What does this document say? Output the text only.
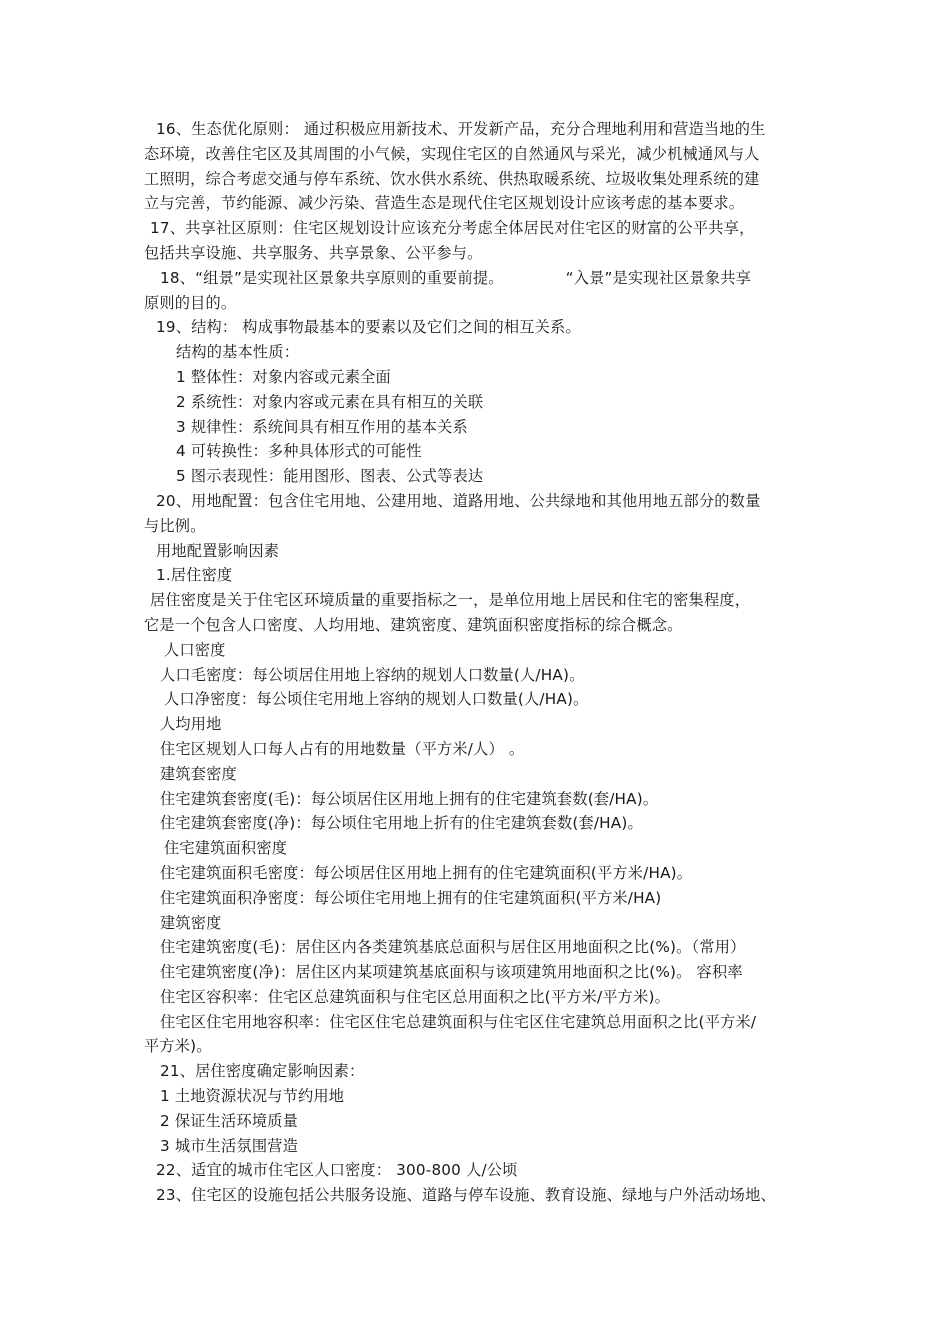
16、生态优化原则： 通过积极应用新技术、开发新产品，充分合理地利用和营造当地的生
态环境，改善住宅区及其周围的小气候，实现住宅区的自然通风与采光，减少机械通风与人
工照明，综合考虑交通与停车系统、饮水供水系统、供热取暖系统、垃圾收集处理系统的建
立与完善，节约能源、减少污染、营造生态是现代住宅区规划设计应该考虑的基本要求。
17、共享社区原则：住宅区规划设计应该充分考虑全体居民对住宅区的财富的公平共享，
包括共享设施、共享服务、共享景象、公平参与。
18、“组景”是实现社区景象共享原则的重要前提。	“入景”是实现社区景象共享
原则的目的。
19、结构： 构成事物最基本的要素以及它们之间的相互关系。
结构的基本性质：
1 整体性：对象内容或元素全面
2 系统性：对象内容或元素在具有相互的关联
3 规律性：系统间具有相互作用的基本关系
4 可转换性：多种具体形式的可能性
5 图示表现性：能用图形、图表、公式等表达
20、用地配置：包含住宅用地、公建用地、道路用地、公共绿地和其他用地五部分的数量
与比例。
用地配置影响因素
1.居住密度
居住密度是关于住宅区环境质量的重要指标之一，是单位用地上居民和住宅的密集程度，
它是一个包含人口密度、人均用地、建筑密度、建筑面积密度指标的综合概念。
人口密度
人口毛密度：每公顷居住用地上容纳的规划人口数量(人/HA)。
人口净密度：每公顷住宅用地上容纳的规划人口数量(人/HA)。
人均用地
住宅区规划人口每人占有的用地数量（平方米/人） 。
建筑套密度
住宅建筑套密度(毛)：每公顷居住区用地上拥有的住宅建筑套数(套/HA)。
住宅建筑套密度(净)：每公顷住宅用地上折有的住宅建筑套数(套/HA)。
住宅建筑面积密度
住宅建筑面积毛密度：每公顷居住区用地上拥有的住宅建筑面积(平方米/HA)。
住宅建筑面积净密度：每公顷住宅用地上拥有的住宅建筑面积(平方米/HA)
建筑密度
住宅建筑密度(毛)：居住区内各类建筑基底总面积与居住区用地面积之比(%)。（常用）
住宅建筑密度(净)：居住区内某项建筑基底面积与该项建筑用地面积之比(%)。 容积率
住宅区容积率：住宅区总建筑面积与住宅区总用面积之比(平方米/平方米)。
住宅区住宅用地容积率：住宅区住宅总建筑面积与住宅区住宅建筑总用面积之比(平方米/
平方米)。
21、居住密度确定影响因素：
1 土地资源状况与节约用地
2 保证生活环境质量
3 城市生活氛围营造
22、适宜的城市住宅区人口密度： 300-800 人/公顷
23、住宅区的设施包括公共服务设施、道路与停车设施、教育设施、绿地与户外活动场地、
